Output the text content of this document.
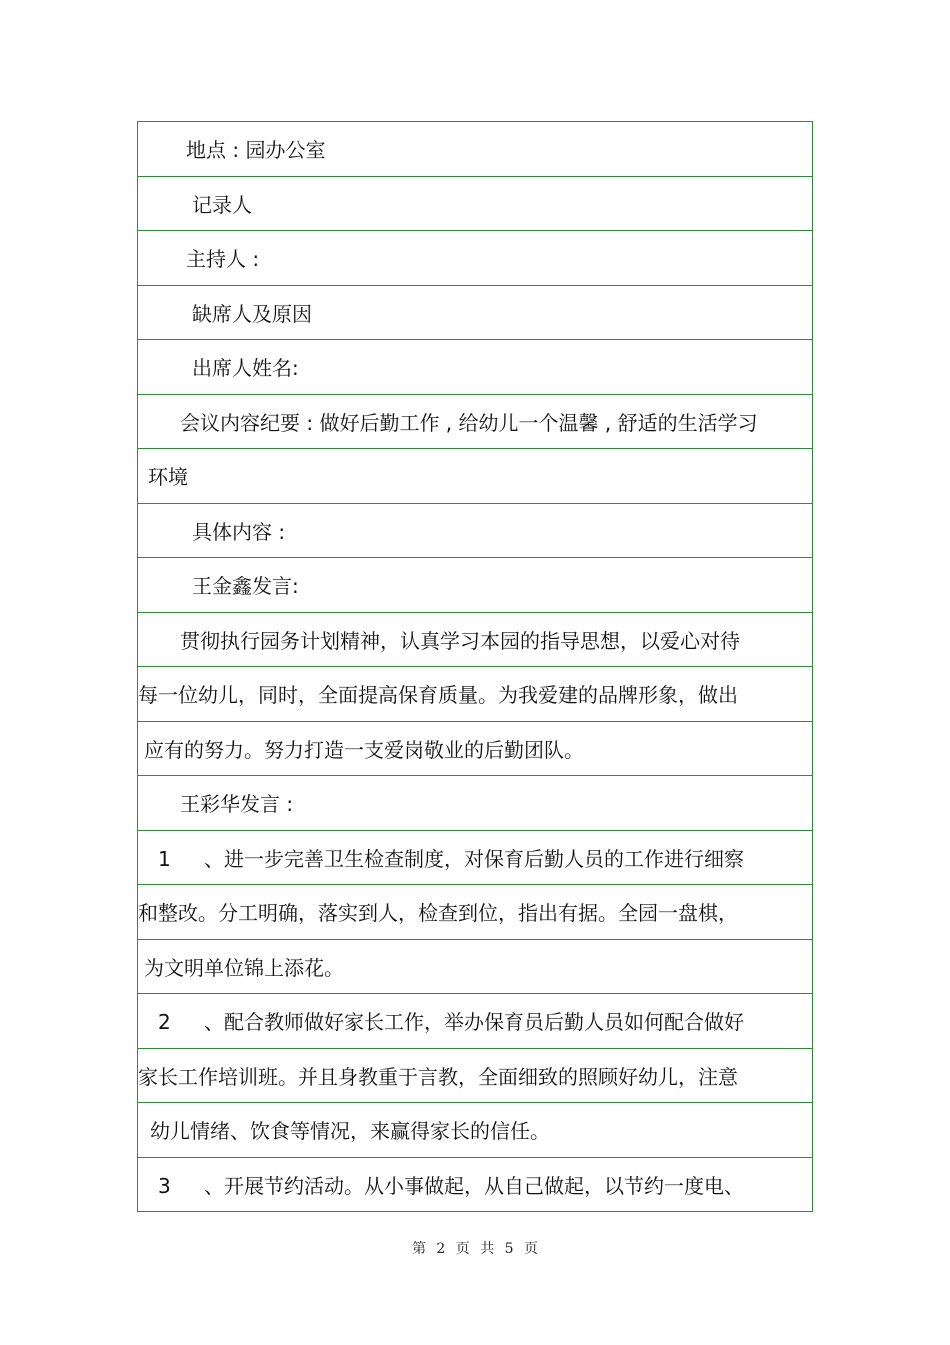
地点 : 园办公室
记录人
主持人 :
缺席人及原因
出席人姓名:
会议内容纪要 : 做好后勤工作 , 给幼儿一个温馨 , 舒适的生活学习
环境
具体内容 :
王金鑫发言:
贯彻执行园务计划精神，认真学习本园的指导思想，以爱心对待
每一位幼儿，同时，全面提高保育质量。为我爱建的品牌形象，做出
应有的努力。努力打造一支爱岗敬业的后勤团队。
王彩华发言 :
1 、进一步完善卫生检查制度，对保育后勤人员的工作进行细察
和整改。分工明确，落实到人，检查到位，指出有据。全园一盘棋，
为文明单位锦上添花。
2 、配合教师做好家长工作，举办保育员后勤人员如何配合做好
家长工作培训班。并且身教重于言教，全面细致的照顾好幼儿，注意
幼儿情绪、饮食等情况，来赢得家长的信任。
3 、开展节约活动。从小事做起，从自己做起，以节约一度电、
第 2 页 共 5 页
